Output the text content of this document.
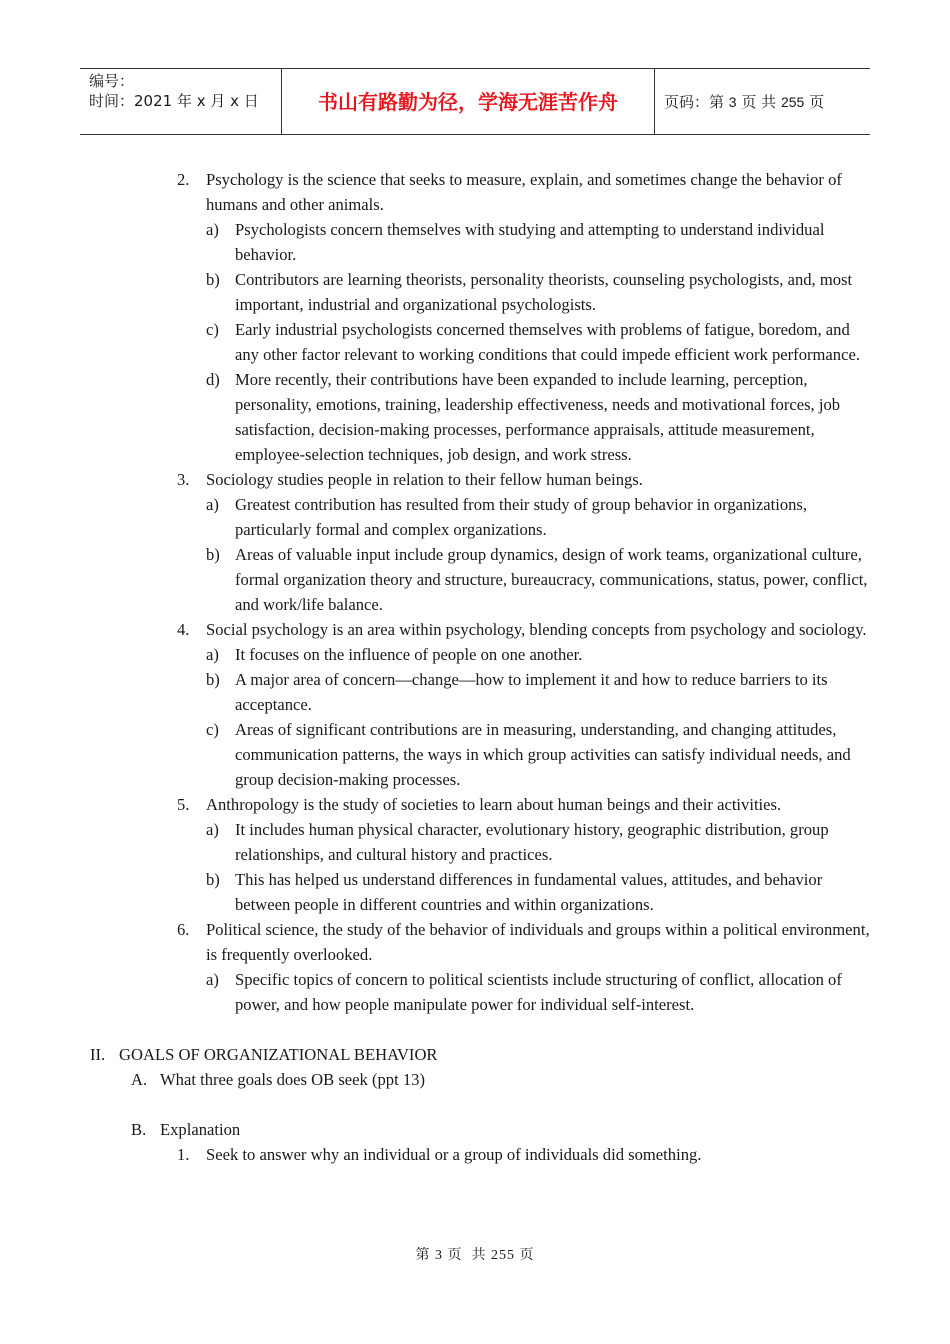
编号：
时间：2021 年 x 月 x 日	书山有路勤为径，学海无涯苦作舟	页码：第 3 页 共 255 页
2. Psychology is the science that seeks to measure, explain, and sometimes change the behavior of humans and other animals.
a) Psychologists concern themselves with studying and attempting to understand individual behavior.
b) Contributors are learning theorists, personality theorists, counseling psychologists, and, most important, industrial and organizational psychologists.
c) Early industrial psychologists concerned themselves with problems of fatigue, boredom, and any other factor relevant to working conditions that could impede efficient work performance.
d) More recently, their contributions have been expanded to include learning, perception, personality, emotions, training, leadership effectiveness, needs and motivational forces, job satisfaction, decision-making processes, performance appraisals, attitude measurement, employee-selection techniques, job design, and work stress.
3. Sociology studies people in relation to their fellow human beings.
a) Greatest contribution has resulted from their study of group behavior in organizations, particularly formal and complex organizations.
b) Areas of valuable input include group dynamics, design of work teams, organizational culture, formal organization theory and structure, bureaucracy, communications, status, power, conflict, and work/life balance.
4. Social psychology is an area within psychology, blending concepts from psychology and sociology.
a) It focuses on the influence of people on one another.
b) A major area of concern—change—how to implement it and how to reduce barriers to its acceptance.
c) Areas of significant contributions are in measuring, understanding, and changing attitudes, communication patterns, the ways in which group activities can satisfy individual needs, and group decision-making processes.
5. Anthropology is the study of societies to learn about human beings and their activities.
a) It includes human physical character, evolutionary history, geographic distribution, group relationships, and cultural history and practices.
b) This has helped us understand differences in fundamental values, attitudes, and behavior between people in different countries and within organizations.
6. Political science, the study of the behavior of individuals and groups within a political environment, is frequently overlooked.
a) Specific topics of concern to political scientists include structuring of conflict, allocation of power, and how people manipulate power for individual self-interest.
II. GOALS OF ORGANIZATIONAL BEHAVIOR
A. What three goals does OB seek (ppt 13)
B. Explanation
1. Seek to answer why an individual or a group of individuals did something.
第 3 页  共 255 页
